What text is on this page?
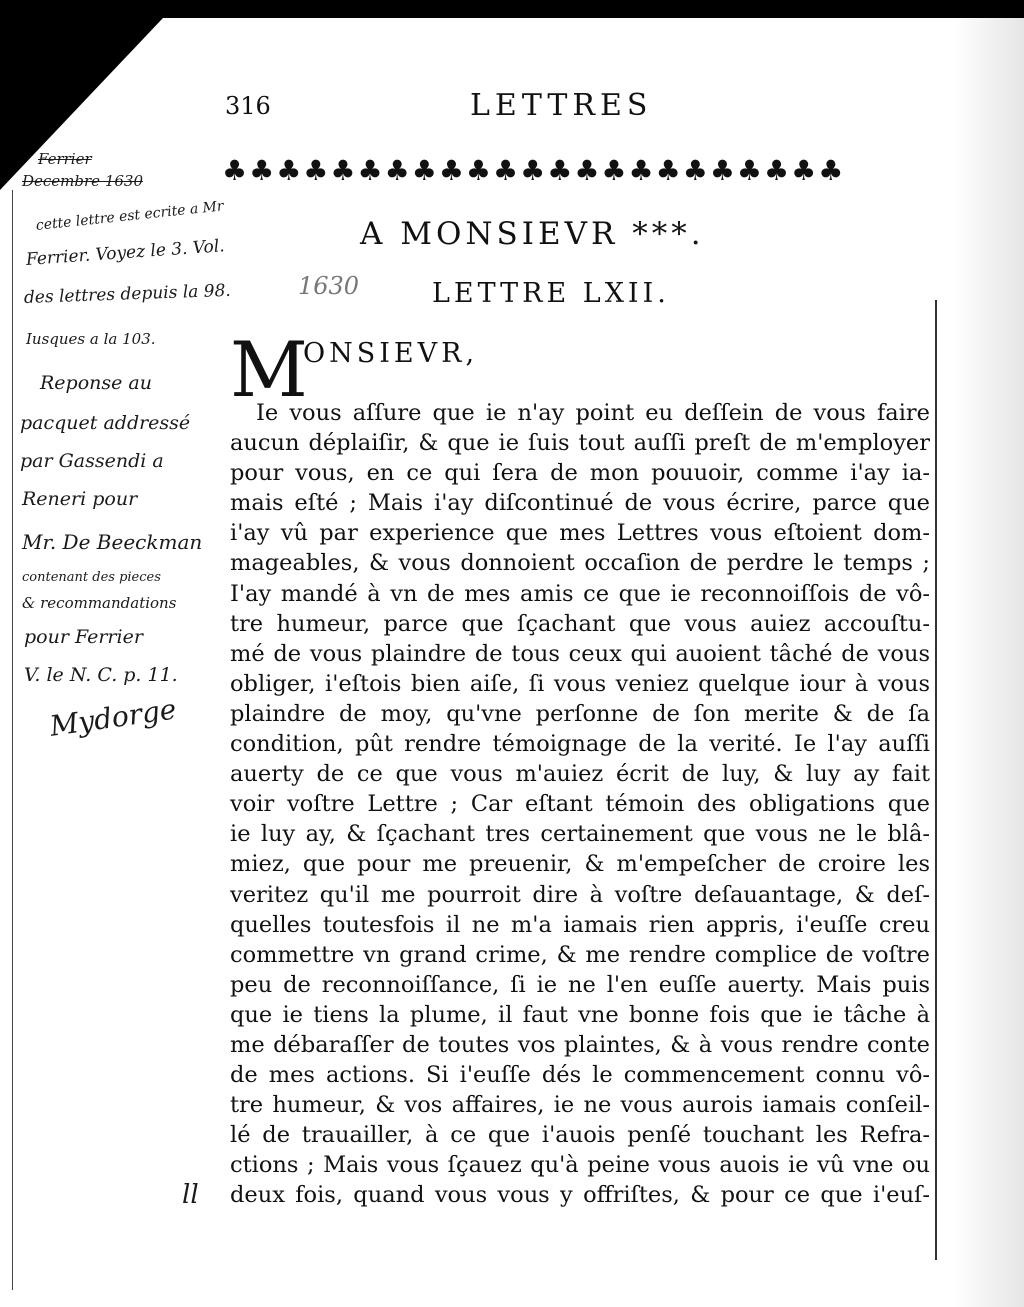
316	LETTRES
♣♣♣♣♣♣♣♣♣♣♣♣♣♣♣♣♣♣♣♣♣♣♣
A MONSIEVR ***.
LETTRE LXII.
M
ONSIEVR,
Ie vous aſſure que ie n'ay point eu deſſein de vous faire
aucun déplaiſir, & que ie ſuis tout auſſi preſt de m'employer
pour vous, en ce qui ſera de mon pouuoir, comme i'ay ia-
mais eſté ; Mais i'ay diſcontinué de vous écrire, parce que
i'ay vû par experience que mes Lettres vous eſtoient dom-
mageables, & vous donnoient occaſion de perdre le temps ;
I'ay mandé à vn de mes amis ce que ie reconnoiſſois de vô-
tre humeur, parce que ſçachant que vous auiez accouſtu-
mé de vous plaindre de tous ceux qui auoient tâché de vous
obliger, i'eſtois bien aiſe, ſi vous veniez quelque iour à vous
plaindre de moy, qu'vne perſonne de ſon merite & de ſa
condition, pût rendre témoignage de la verité. Ie l'ay auſſi
auerty de ce que vous m'auiez écrit de luy, & luy ay fait
voir voſtre Lettre ; Car eſtant témoin des obligations que
ie luy ay, & ſçachant tres certainement que vous ne le blâ-
miez, que pour me preuenir, & m'empeſcher de croire les
veritez qu'il me pourroit dire à voſtre deſauantage, & deſ-
quelles toutesfois il ne m'a iamais rien appris, i'euſſe creu
commettre vn grand crime, & me rendre complice de voſtre
peu de reconnoiſſance, ſi ie ne l'en euſſe auerty. Mais puis
que ie tiens la plume, il faut vne bonne fois que ie tâche à
me débaraſſer de toutes vos plaintes, & à vous rendre conte
de mes actions. Si i'euſſe dés le commencement connu vô-
tre humeur, & vos affaires, ie ne vous aurois iamais conſeil-
lé de trauailler, à ce que i'auois penſé touchant les Refra-
ctions ; Mais vous ſçauez qu'à peine vous auois ie vû vne ou
deux fois, quand vous vous y offriſtes, & pour ce que i'euſ-
Ferrier
Decembre 1630
cette lettre est ecrite a Mr
Ferrier. Voyez le 3. Vol.
des lettres depuis la 98.
Iusques a la 103.
1630
Reponse au
pacquet addressé
par Gassendi a
Reneri pour
Mr. De Beeckman
contenant des pieces
& recommandations
pour Ferrier
V. le N. C. p. 11.
Mydorge
ll
